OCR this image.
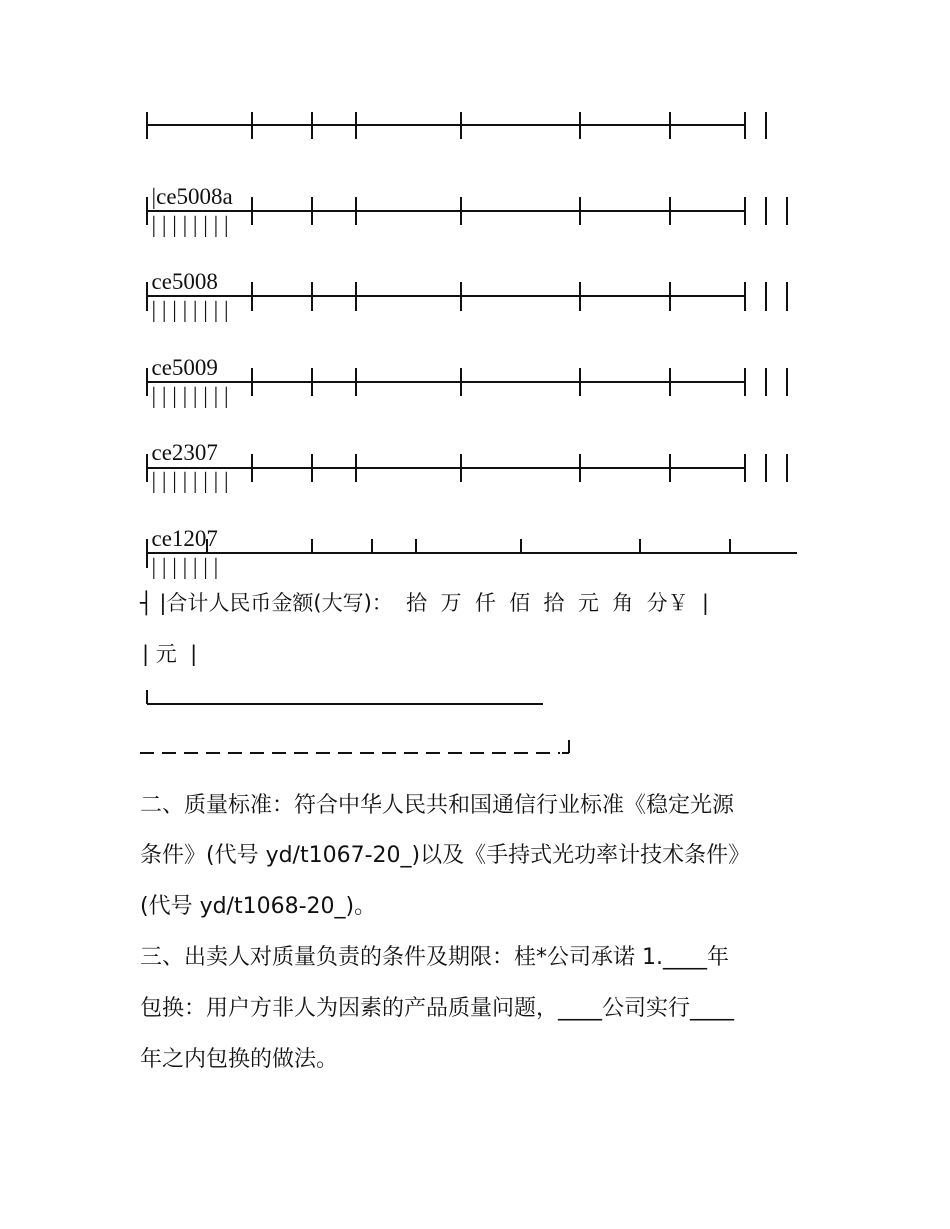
|ce5008a
| | | | | | | |

ce5008
| | | | | | | |

ce5009
| | | | | | | |

ce2307
| | | | | | | |

ce1207
| | | | | | |

┤ |合计人民币金额(大写)：  拾  万  仟  佰  拾  元  角  分￥  |
| 元  |
二、质量标准：符合中华人民共和国通信行业标准《稳定光源
条件》(代号 yd/t1067-20_)以及《手持式光功率计技术条件》
(代号 yd/t1068-20_)。
三、出卖人对质量负责的条件及期限：桂*公司承诺 1.____年
包换：用户方非人为因素的产品质量问题，____公司实行____
年之内包换的做法。
